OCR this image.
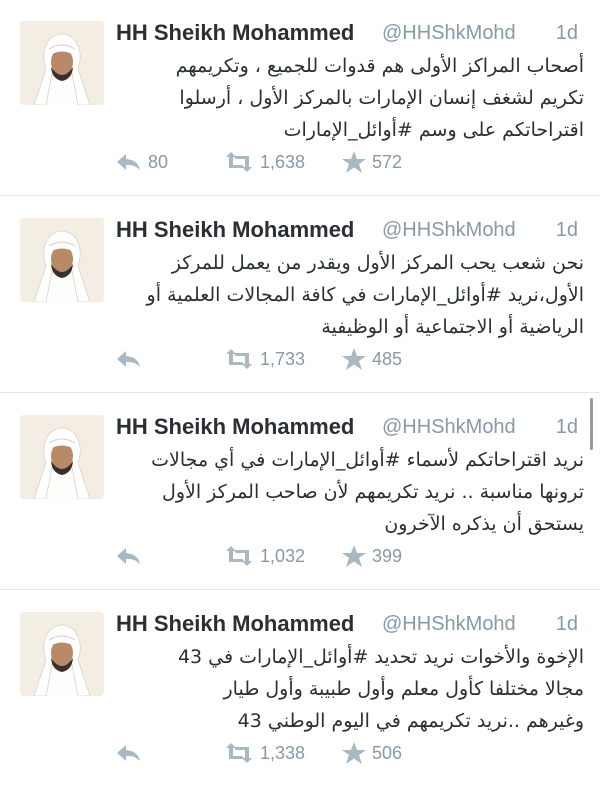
HH Sheikh Mohammed @HHShkMohd 1d
أصحاب المراكز الأولى هم قدوات للجميع ، وتكريمهم
تكريم لشغف إنسان الإمارات بالمركز الأول ، أرسلوا
اقتراحاتكم على وسم #أوائل_الإمارات
80	1,638	572
HH Sheikh Mohammed @HHShkMohd 1d
نحن شعب يحب المركز الأول ويقدر من يعمل للمركز
الأول،نريد #أوائل_الإمارات في كافة المجالات العلمية أو
الرياضية أو الاجتماعية أو الوظيفية
1,733	485
HH Sheikh Mohammed @HHShkMohd 1d
نريد اقتراحاتكم لأسماء #أوائل_الإمارات في أي مجالات
ترونها مناسبة .. نريد تكريمهم لأن صاحب المركز الأول
يستحق أن يذكره الآخرون
1,032	399
HH Sheikh Mohammed @HHShkMohd 1d
الإخوة والأخوات نريد تحديد #أوائل_الإمارات في 43
مجالا مختلفا كأول معلم وأول طبيبة وأول طيار
وغيرهم ..نريد تكريمهم في اليوم الوطني 43
1,338	506
